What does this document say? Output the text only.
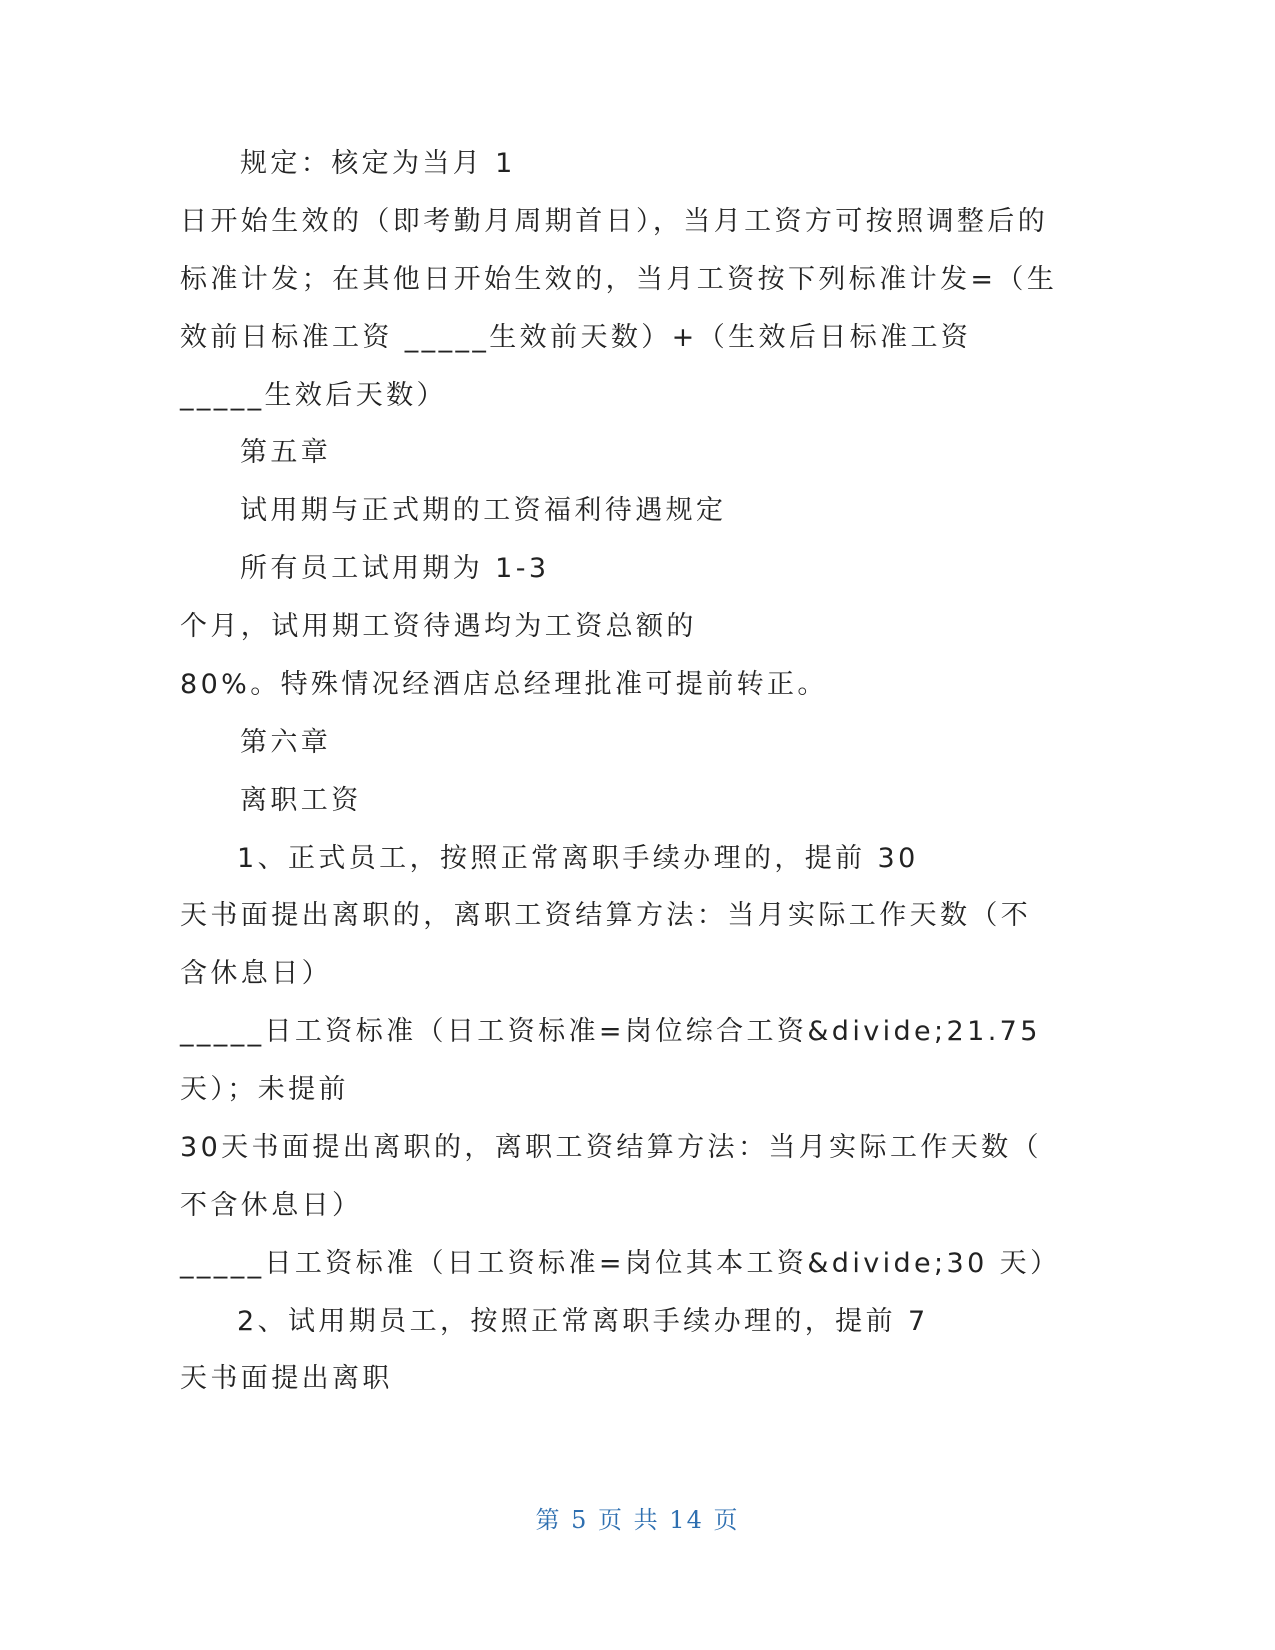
规定：核定为当月 1
日开始生效的（即考勤月周期首日），当月工资方可按照调整后的
标准计发；在其他日开始生效的，当月工资按下列标准计发=（生
效前日标准工资 _____生效前天数）+（生效后日标准工资
_____生效后天数）
第五章
试用期与正式期的工资福利待遇规定
所有员工试用期为 1-3
个月，试用期工资待遇均为工资总额的
80%。特殊情况经酒店总经理批准可提前转正。
第六章
离职工资
1、正式员工，按照正常离职手续办理的，提前 30
天书面提出离职的，离职工资结算方法：当月实际工作天数（不
含休息日）
_____日工资标准（日工资标准=岗位综合工资&divide;21.75
天）；未提前
30天书面提出离职的，离职工资结算方法：当月实际工作天数（
不含休息日）
_____日工资标准（日工资标准=岗位其本工资&divide;30 天）
2、试用期员工，按照正常离职手续办理的，提前 7
天书面提出离职
第 5 页 共 14 页
